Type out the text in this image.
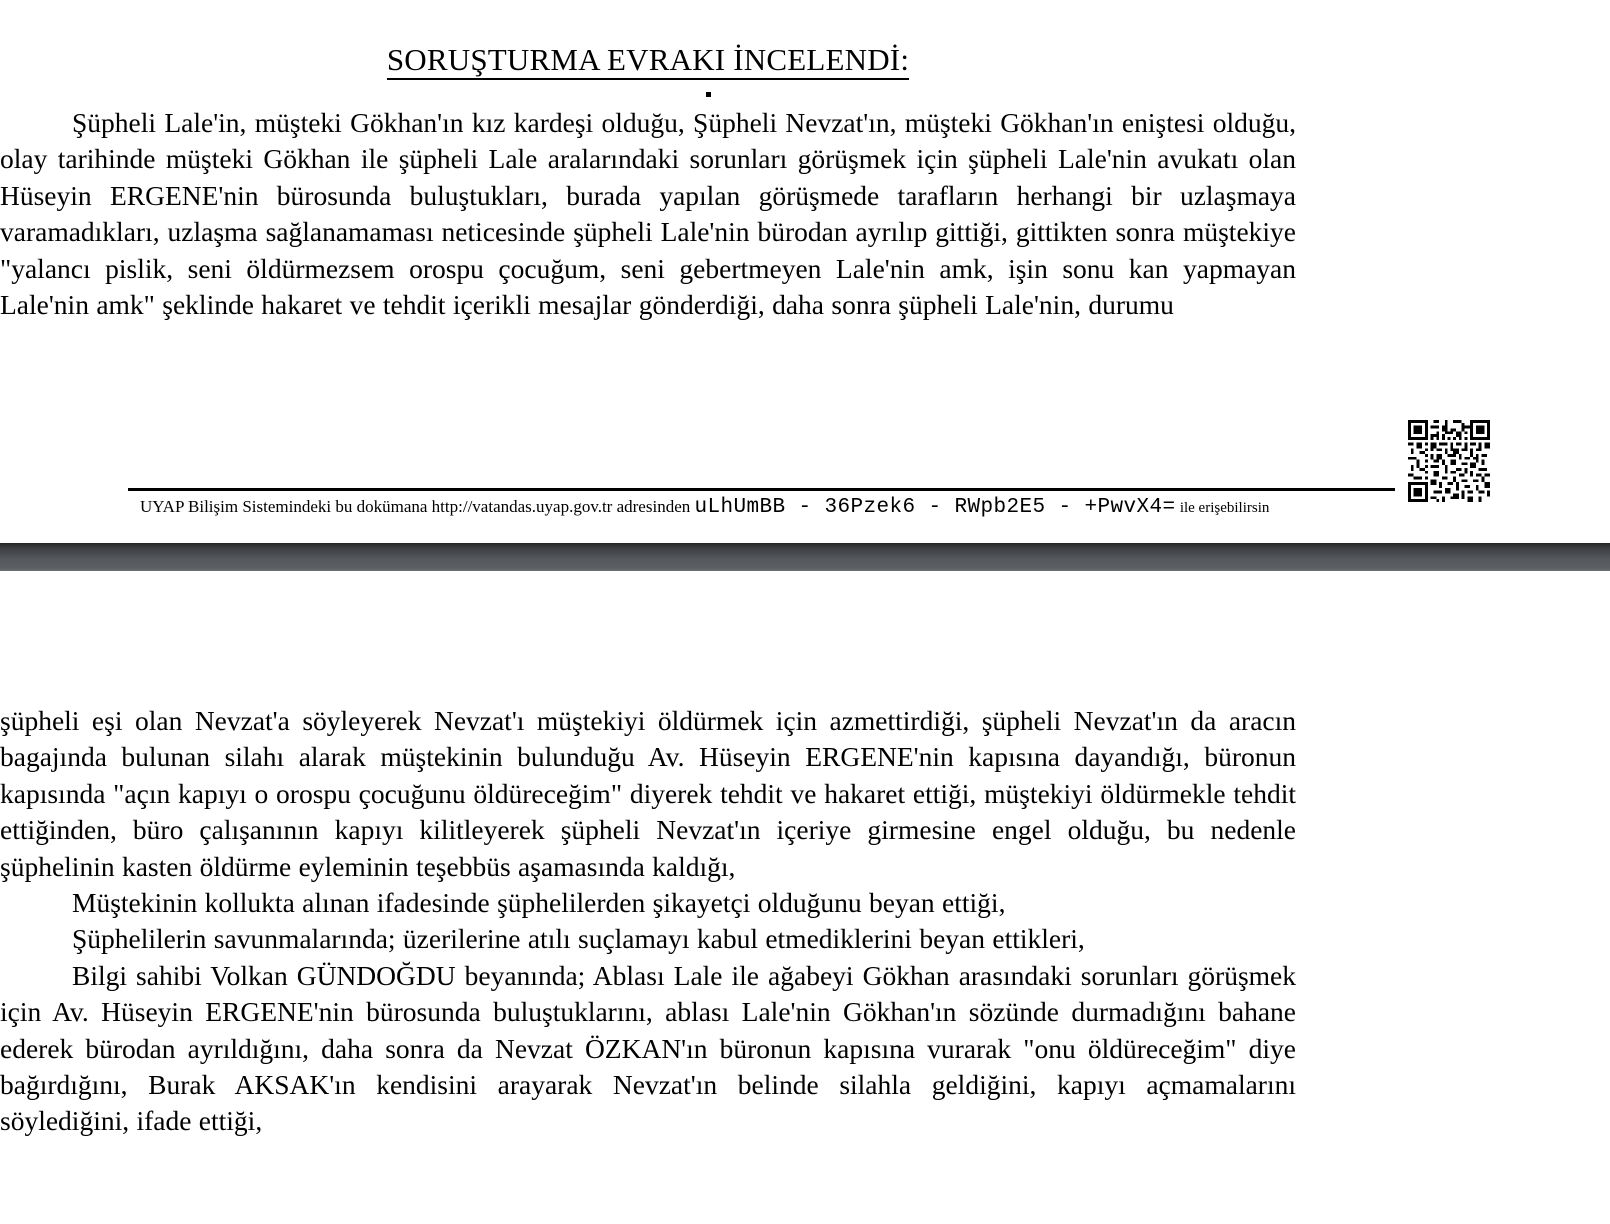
SORUŞTURMA EVRAKI İNCELENDİ:

Şüpheli Lale'in, müşteki Gökhan'ın kız kardeşi olduğu, Şüpheli Nevzat'ın, müşteki Gökhan'ın eniştesi olduğu, olay tarihinde müşteki Gökhan ile şüpheli Lale aralarındaki sorunları görüşmek için şüpheli Lale'nin avukatı olan Hüseyin ERGENE'nin bürosunda buluştukları, burada yapılan görüşmede tarafların herhangi bir uzlaşmaya varamadıkları, uzlaşma sağlanamaması neticesinde şüpheli Lale'nin bürodan ayrılıp gittiği, gittikten sonra müştekiye "yalancı pislik, seni öldürmezsem orospu çocuğum, seni gebertmeyen Lale'nin amk, işin sonu kan yapmayan Lale'nin amk" şeklinde hakaret ve tehdit içerikli mesajlar gönderdiği, daha sonra şüpheli Lale'nin, durumu

UYAP Bilişim Sistemindeki bu dokümana http://vatandas.uyap.gov.tr adresinden uLhUmBB - 36Pzek6 - RWpb2E5 - +PwvX4= ile erişebilirsin

şüpheli eşi olan Nevzat'a söyleyerek Nevzat'ı müştekiyi öldürmek için azmettirdiği, şüpheli Nevzat'ın da aracın bagajında bulunan silahı alarak müştekinin bulunduğu Av. Hüseyin ERGENE'nin kapısına dayandığı, büronun kapısında "açın kapıyı o orospu çocuğunu öldüreceğim" diyerek tehdit ve hakaret ettiği, müştekiyi öldürmekle tehdit ettiğinden, büro çalışanının kapıyı kilitleyerek şüpheli Nevzat'ın içeriye girmesine engel olduğu, bu nedenle şüphelinin kasten öldürme eyleminin teşebbüs aşamasında kaldığı,

Müştekinin kollukta alınan ifadesinde şüphelilerden şikayetçi olduğunu beyan ettiği,

Şüphelilerin savunmalarında; üzerilerine atılı suçlamayı kabul etmediklerini beyan ettikleri,

Bilgi sahibi Volkan GÜNDOĞDU beyanında; Ablası Lale ile ağabeyi Gökhan arasındaki sorunları görüşmek için Av. Hüseyin ERGENE'nin bürosunda buluştuklarını, ablası Lale'nin Gökhan'ın sözünde durmadığını bahane ederek bürodan ayrıldığını, daha sonra da Nevzat ÖZKAN'ın büronun kapısına vurarak "onu öldüreceğim" diye bağırdığını, Burak AKSAK'ın kendisini arayarak Nevzat'ın belinde silahla geldiğini, kapıyı açmamalarını söylediğini, ifade ettiği,
